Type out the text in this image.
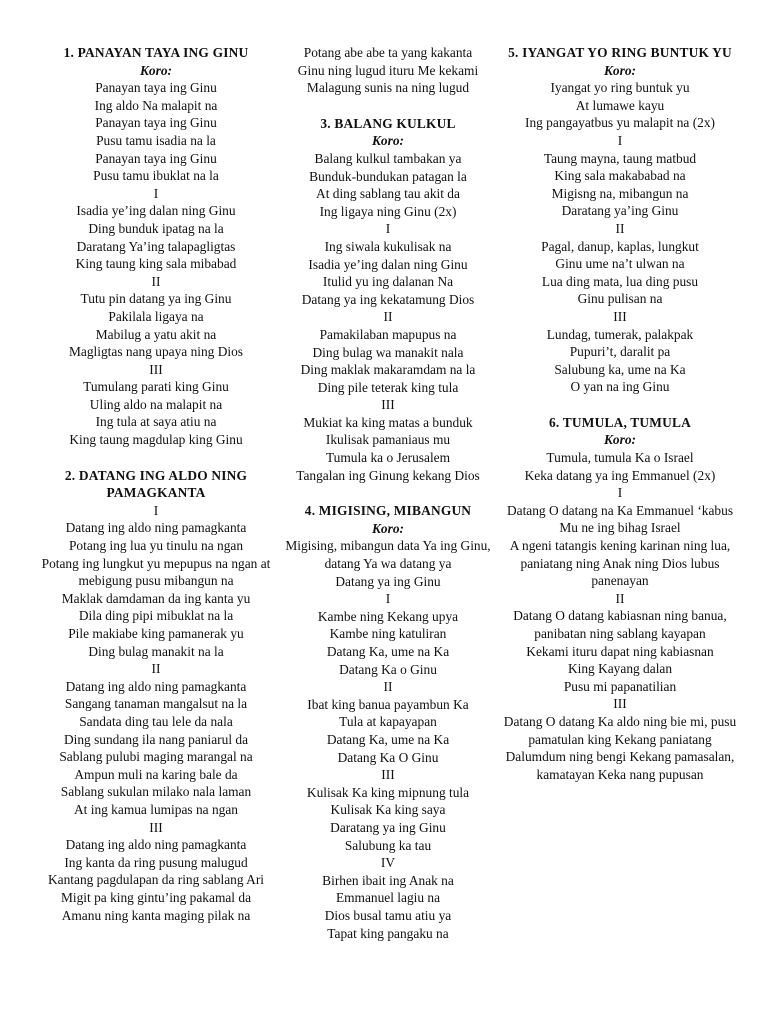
1. PANAYAN TAYA ING GINU
Koro:
Panayan taya ing Ginu
Ing aldo Na malapit na
Panayan taya ing Ginu
Pusu tamu isadia na la
Panayan taya ing Ginu
Pusu tamu ibuklat na la
I
Isadia ye’ing dalan ning Ginu
Ding bunduk ipatag na la
Daratang Ya’ing talapagligtas
King taung king sala mibabad
II
Tutu pin datang ya ing Ginu
Pakilala ligaya na
Mabilug a yatu akit na
Magligtas nang upaya ning Dios
III
Tumulang parati king Ginu
Uling aldo na malapit na
Ing tula at saya atiu na
King taung magdulap king Ginu
2. DATANG ING ALDO NING PAMAGKANTA
I
Datang ing aldo ning pamagkanta
Potang ing lua yu tinulu na ngan
Potang ing lungkut yu mepupus na ngan at mebigung pusu mibangun na
Maklak damdaman da ing kanta yu
Dila ding pipi mibuklat na la
Pile makiabe king pamanerak yu
Ding bulag manakit na la
II
Datang ing aldo ning pamagkanta
Sangang tanaman mangalsut na la
Sandata ding tau lele da nala
Ding sundang ila nang paniarul da
Sablang pulubi maging marangal na
Ampun muli na karing bale da
Sablang sukulan milako nala laman
At ing kamua lumipas na ngan
III
Datang ing aldo ning pamagkanta
Ing kanta da ring pusung malugud
Kantang pagdulapan da ring sablang Ari
Migit pa king gintu’ing pakamal da
Amanu ning kanta maging pilak na
Potang abe abe ta yang kakanta
Ginu ning lugud ituru Me kekami
Malagung sunis na ning lugud
3. BALANG KULKUL
Koro:
Balang kulkul tambakan ya
Bunduk-bundukan patagan la
At ding sablang tau akit da
Ing ligaya ning Ginu (2x)
I
Ing siwala kukulisak na
Isadia ye’ing dalan ning Ginu
Itulid yu ing dalanan Na
Datang ya ing kekatamung Dios
II
Pamakilaban mapupus na
Ding bulag wa manakit nala
Ding maklak makaramdam na la
Ding pile teterak king tula
III
Mukiat ka king matas a bunduk
Ikulisak pamaniaus mu
Tumula ka o Jerusalem
Tangalan ing Ginung kekang Dios
4. MIGISING, MIBANGUN
Koro:
Migising, mibangun data Ya ing Ginu, datang Ya wa datang ya
Datang ya ing Ginu
I
Kambe ning Kekang upya
Kambe ning katuliran
Datang Ka, ume na Ka
Datang Ka o Ginu
II
Ibat king banua payambun Ka
Tula at kapayapan
Datang Ka, ume na Ka
Datang Ka O Ginu
III
Kulisak Ka king mipnung tula
Kulisak Ka king saya
Daratang ya ing Ginu
Salubung ka tau
IV
Birhen ibait ing Anak na
Emmanuel lagiu na
Dios busal tamu atiu ya
Tapat king pangaku na
5. IYANGAT YO RING BUNTUK YU
Koro:
Iyangat yo ring buntuk yu
At lumawe kayu
Ing pangayatbus yu malapit na (2x)
I
Taung mayna, taung matbud
King sala makababad na
Migisng na, mibangun na
Daratang ya’ing Ginu
II
Pagal, danup, kaplas, lungkut
Ginu ume na’t ulwan na
Lua ding mata, lua ding pusu
Ginu pulisan na
III
Lundag, tumerak, palakpak
Pupuri’t, daralit pa
Salubung ka, ume na Ka
O yan na ing Ginu
6. TUMULA, TUMULA
Koro:
Tumula, tumula Ka o Israel
Keka datang ya ing Emmanuel (2x)
I
Datang O datang na Ka Emmanuel ‘kabus Mu ne ing bihag Israel
A ngeni tatangis kening karinan ning lua, paniatang ning Anak ning Dios lubus panenayan
II
Datang O datang kabiasnan ning banua, panibatan ning sablang kayapan
Kekami ituru dapat ning kabiasnan
King Kayang dalan
Pusu mi papanatilian
III
Datang O datang Ka aldo ning bie mi, pusu pamatulan king Kekang paniatang
Dalumdum ning bengi Kekang pamasalan, kamatayan Keka nang pupusan
